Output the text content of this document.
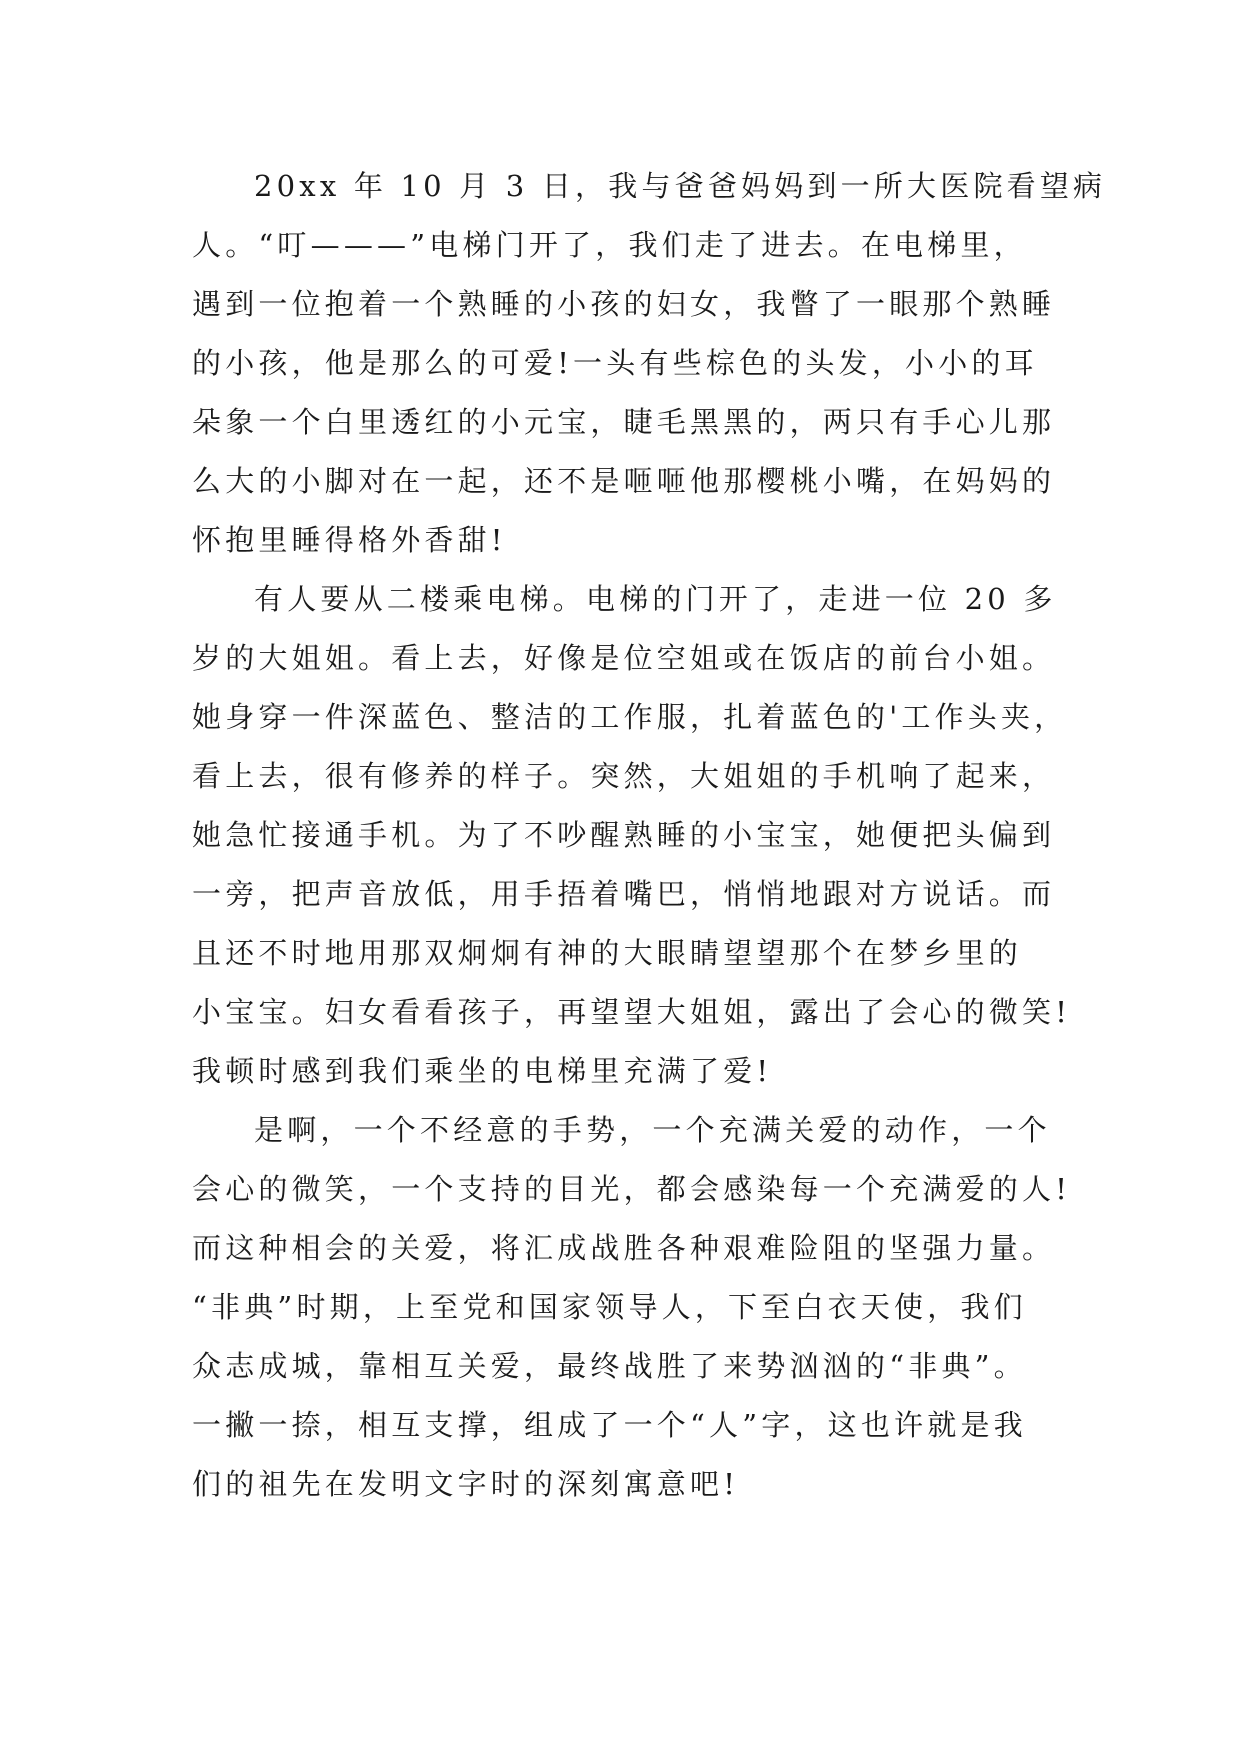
20xx 年 10 月 3 日，我与爸爸妈妈到一所大医院看望病
人。“叮———”电梯门开了，我们走了进去。在电梯里，
遇到一位抱着一个熟睡的小孩的妇女，我瞥了一眼那个熟睡
的小孩，他是那么的可爱!一头有些棕色的头发，小小的耳
朵象一个白里透红的小元宝，睫毛黑黑的，两只有手心儿那
么大的小脚对在一起，还不是咂咂他那樱桃小嘴，在妈妈的
怀抱里睡得格外香甜!
有人要从二楼乘电梯。电梯的门开了，走进一位 20 多
岁的大姐姐。看上去，好像是位空姐或在饭店的前台小姐。
她身穿一件深蓝色、整洁的工作服，扎着蓝色的'工作头夹，
看上去，很有修养的样子。突然，大姐姐的手机响了起来，
她急忙接通手机。为了不吵醒熟睡的小宝宝，她便把头偏到
一旁，把声音放低，用手捂着嘴巴，悄悄地跟对方说话。而
且还不时地用那双炯炯有神的大眼睛望望那个在梦乡里的
小宝宝。妇女看看孩子，再望望大姐姐，露出了会心的微笑!
我顿时感到我们乘坐的电梯里充满了爱!
是啊，一个不经意的手势，一个充满关爱的动作，一个
会心的微笑，一个支持的目光，都会感染每一个充满爱的人!
而这种相会的关爱，将汇成战胜各种艰难险阻的坚强力量。
“非典”时期，上至党和国家领导人，下至白衣天使，我们
众志成城，靠相互关爱，最终战胜了来势汹汹的“非典”。
一撇一捺，相互支撑，组成了一个“人”字，这也许就是我
们的祖先在发明文字时的深刻寓意吧!
